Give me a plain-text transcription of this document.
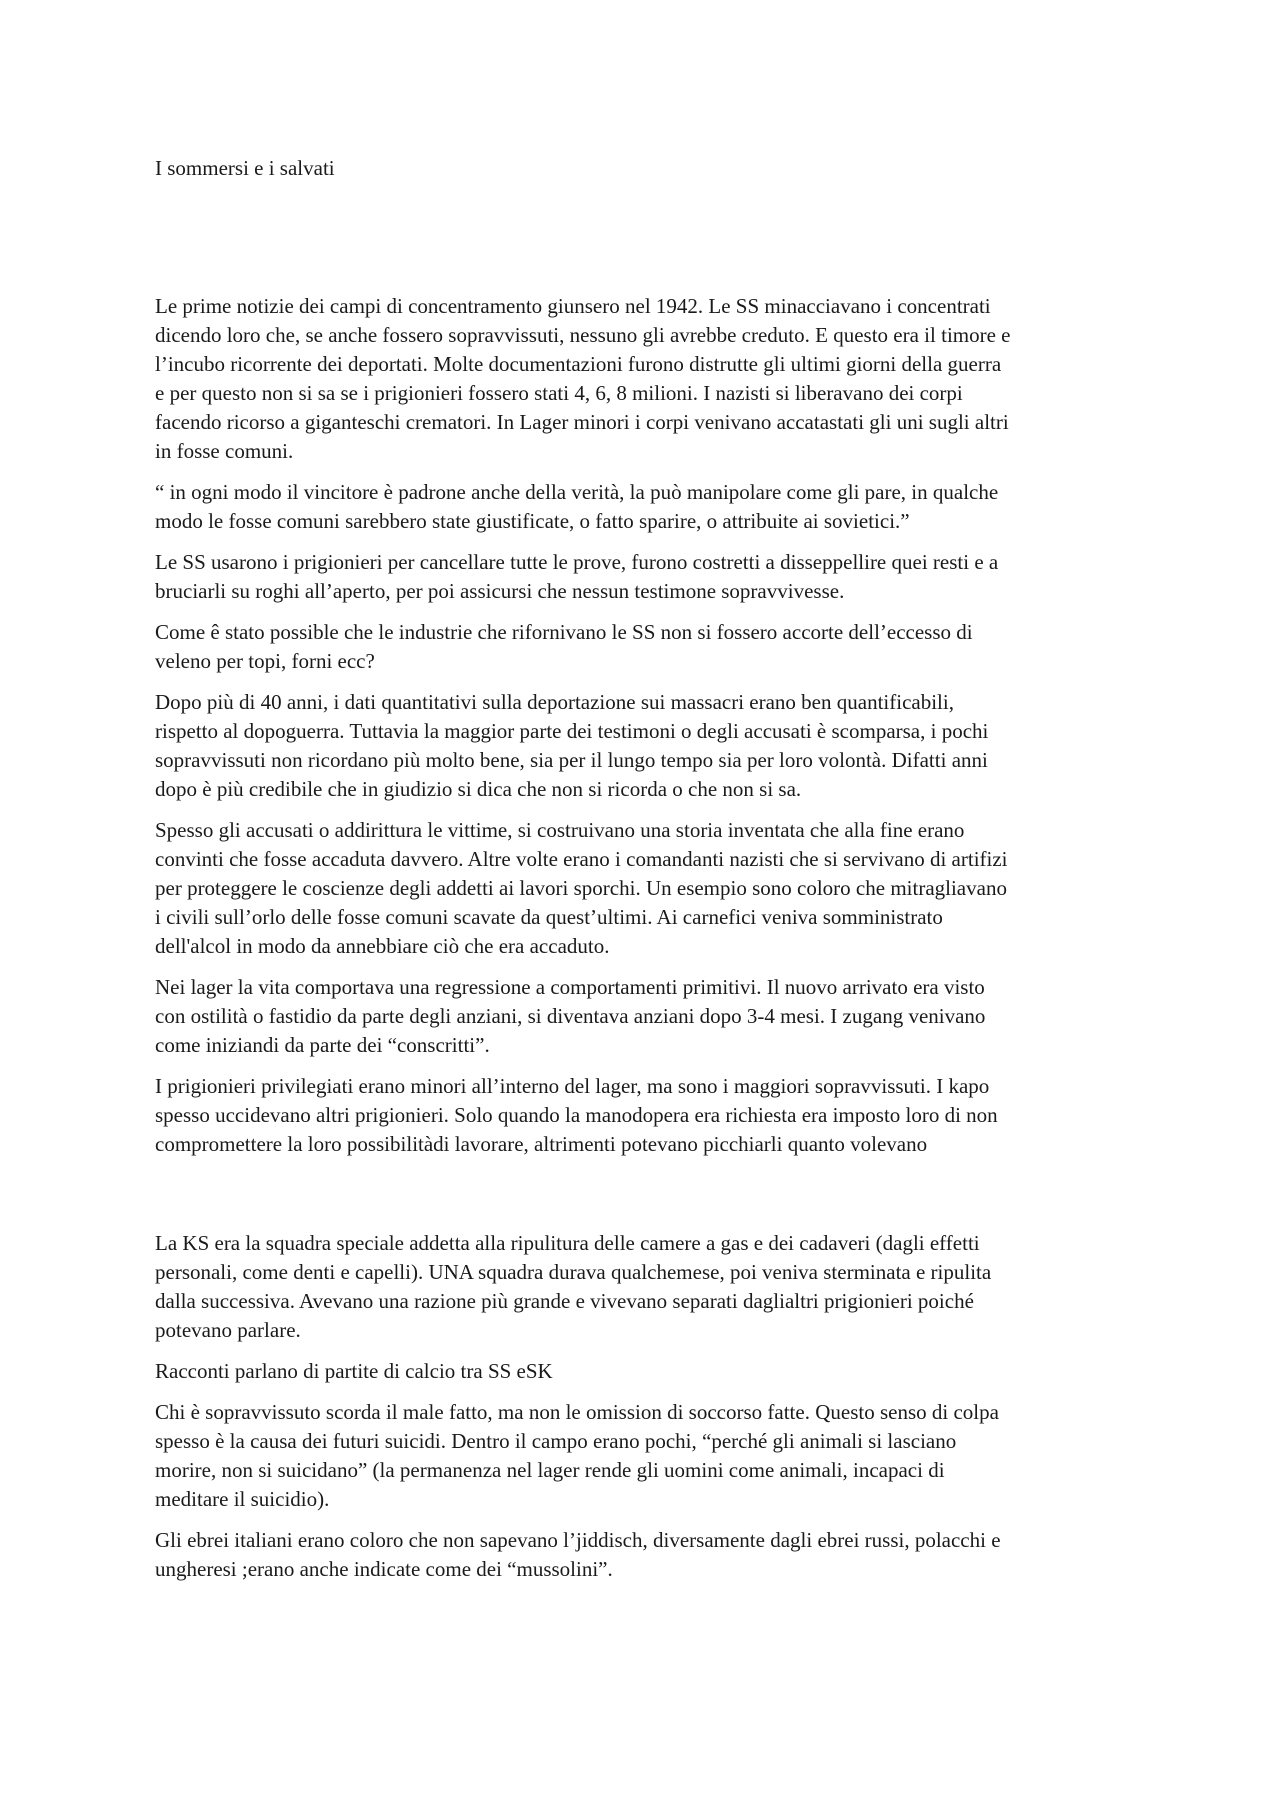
I sommersi e i salvati

Le prime notizie dei campi di concentramento giunsero nel 1942. Le SS minacciavano i concentrati
dicendo loro che, se anche fossero sopravvissuti, nessuno gli avrebbe creduto. E questo era il timore e
l’incubo ricorrente dei deportati. Molte documentazioni furono distrutte gli ultimi giorni della guerra
e per questo non si sa se i prigionieri fossero stati 4, 6, 8 milioni. I nazisti si liberavano dei corpi
facendo ricorso a giganteschi crematori. In Lager minori i corpi venivano accatastati gli uni sugli altri
in fosse comuni.
“ in ogni modo il vincitore è padrone anche della verità, la può manipolare come gli pare, in qualche
modo le fosse comuni sarebbero state giustificate, o fatto sparire, o attribuite ai sovietici.”
Le SS usarono i prigionieri per cancellare tutte le prove, furono costretti a disseppellire quei resti e a
bruciarli su roghi all’aperto, per poi assicursi che nessun testimone sopravvivesse.
Come ê stato possible che le industrie che rifornivano le SS non si fossero accorte dell’eccesso di
veleno per topi, forni ecc?
Dopo più di 40 anni, i dati quantitativi sulla deportazione sui massacri erano ben quantificabili,
rispetto al dopoguerra. Tuttavia la maggior parte dei testimoni o degli accusati è scomparsa, i pochi
sopravvissuti non ricordano più molto bene, sia per il lungo tempo sia per loro volontà. Difatti anni
dopo è più credibile che in giudizio si dica che non si ricorda o che non si sa.
Spesso gli accusati o addirittura le vittime, si costruivano una storia inventata che alla fine erano
convinti che fosse accaduta davvero. Altre volte erano i comandanti nazisti che si servivano di artifizi
per proteggere le coscienze degli addetti ai lavori sporchi. Un esempio sono coloro che mitragliavano
i civili sull’orlo delle fosse comuni scavate da quest’ultimi. Ai carnefici veniva somministrato
dell'alcol in modo da annebbiare ciò che era accaduto.
Nei lager la vita comportava una regressione a comportamenti primitivi. Il nuovo arrivato era visto
con ostilità o fastidio da parte degli anziani, si diventava anziani dopo 3-4 mesi. I zugang venivano
come iniziandi da parte dei “conscritti”.
I prigionieri privilegiati erano minori all’interno del lager, ma sono i maggiori sopravvissuti. I kapo
spesso uccidevano altri prigionieri. Solo quando la manodopera era richiesta era imposto loro di non
compromettere la loro possibilitàdi lavorare, altrimenti potevano picchiarli quanto volevano
La KS era la squadra speciale addetta alla ripulitura delle camere a gas e dei cadaveri (dagli effetti
personali, come denti e capelli). UNA squadra durava qualchemese, poi veniva sterminata e ripulita
dalla successiva. Avevano una razione più grande e vivevano separati daglialtri prigionieri poiché
potevano parlare.
Racconti parlano di partite di calcio tra SS eSK
Chi è sopravvissuto scorda il male fatto, ma non le omission di soccorso fatte. Questo senso di colpa
spesso è la causa dei futuri suicidi. Dentro il campo erano pochi, “perché gli animali si lasciano
morire, non si suicidano” (la permanenza nel lager rende gli uomini come animali, incapaci di
meditare il suicidio).
Gli ebrei italiani erano coloro che non sapevano l’jiddisch, diversamente dagli ebrei russi, polacchi e
ungheresi ;erano anche indicate come dei “mussolini”.
